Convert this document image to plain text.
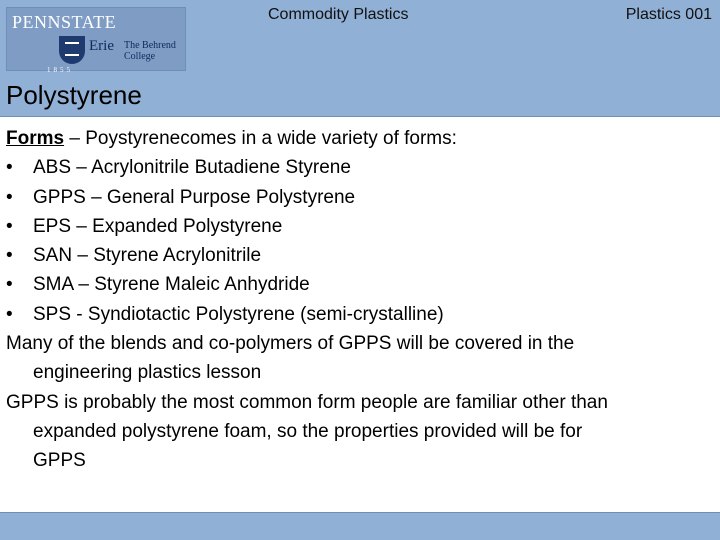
PENNSTATE
1855
Erie The Behrend
College
Commodity Plastics	Plastics 001
Polystyrene
Forms – Poystyrenecomes in a wide variety of forms:
• ABS – Acrylonitrile Butadiene Styrene
• GPPS – General Purpose Polystyrene
• EPS – Expanded Polystyrene
• SAN – Styrene Acrylonitrile
• SMA – Styrene Maleic Anhydride
• SPS - Syndiotactic Polystyrene (semi-crystalline)
Many of the blends and co-polymers of GPPS will be covered in the
engineering plastics lesson
GPPS is probably the most common form people are familiar other than
expanded polystyrene foam, so the properties provided will be for
GPPS
